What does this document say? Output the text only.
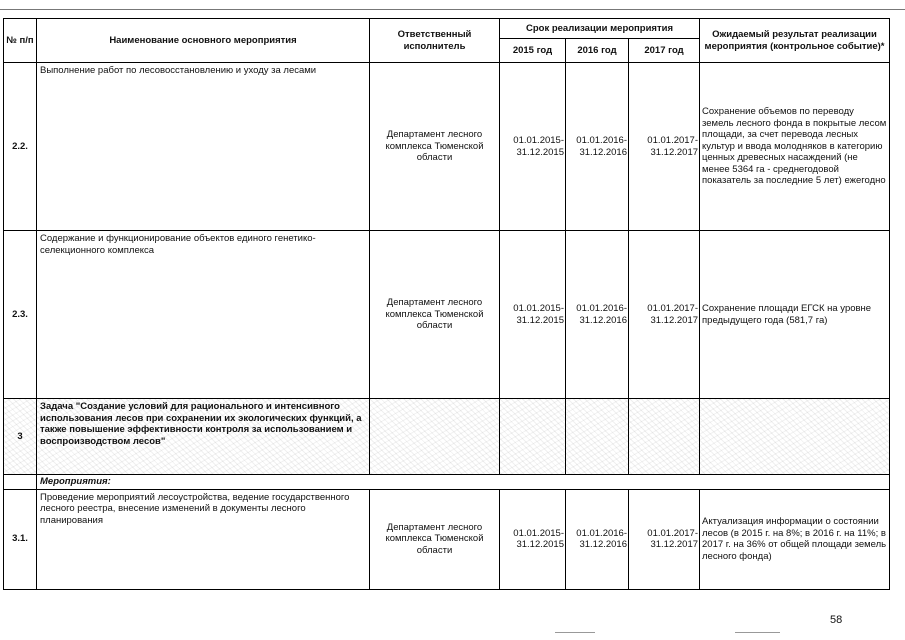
№ п/п	Наименование основного мероприятия	Ответственный исполнитель	Срок реализации мероприятия			Ожидаемый результат реализации мероприятия (контрольное событие)*
			2015 год	2016 год	2017 год	
2.2.	Выполнение работ по лесовосстановлению и уходу за лесами	Департамент лесного комплекса Тюменской области	01.01.2015-31.12.2015	01.01.2016-31.12.2016	01.01.2017-31.12.2017	Сохранение объемов по переводу земель лесного фонда в покрытые лесом площади, за счет перевода лесных культур и ввода молодняков в категорию ценных древесных насаждений (не менее 5364 га - среднегодовой показатель за последние 5 лет) ежегодно
2.3.	Содержание и функционирование объектов единого генетико-селекционного комплекса	Департамент лесного комплекса Тюменской области	01.01.2015-31.12.2015	01.01.2016-31.12.2016	01.01.2017-31.12.2017	Сохранение площади ЕГСК на уровне предыдущего года (581,7 га)
3	Задача "Создание условий для рационального и интенсивного использования лесов при сохранении их экологических функций, а также повышение эффективности контроля за использованием и воспроизводством лесов"					
	Мероприятия:					
3.1.	Проведение мероприятий лесоустройства, ведение государственного лесного реестра, внесение изменений в документы лесного планирования	Департамент лесного комплекса Тюменской области	01.01.2015-31.12.2015	01.01.2016-31.12.2016	01.01.2017-31.12.2017	Актуализация информации о состоянии лесов (в 2015 г. на 8%; в 2016 г. на 11%; в 2017 г. на 36% от общей площади земель лесного фонда)
58
